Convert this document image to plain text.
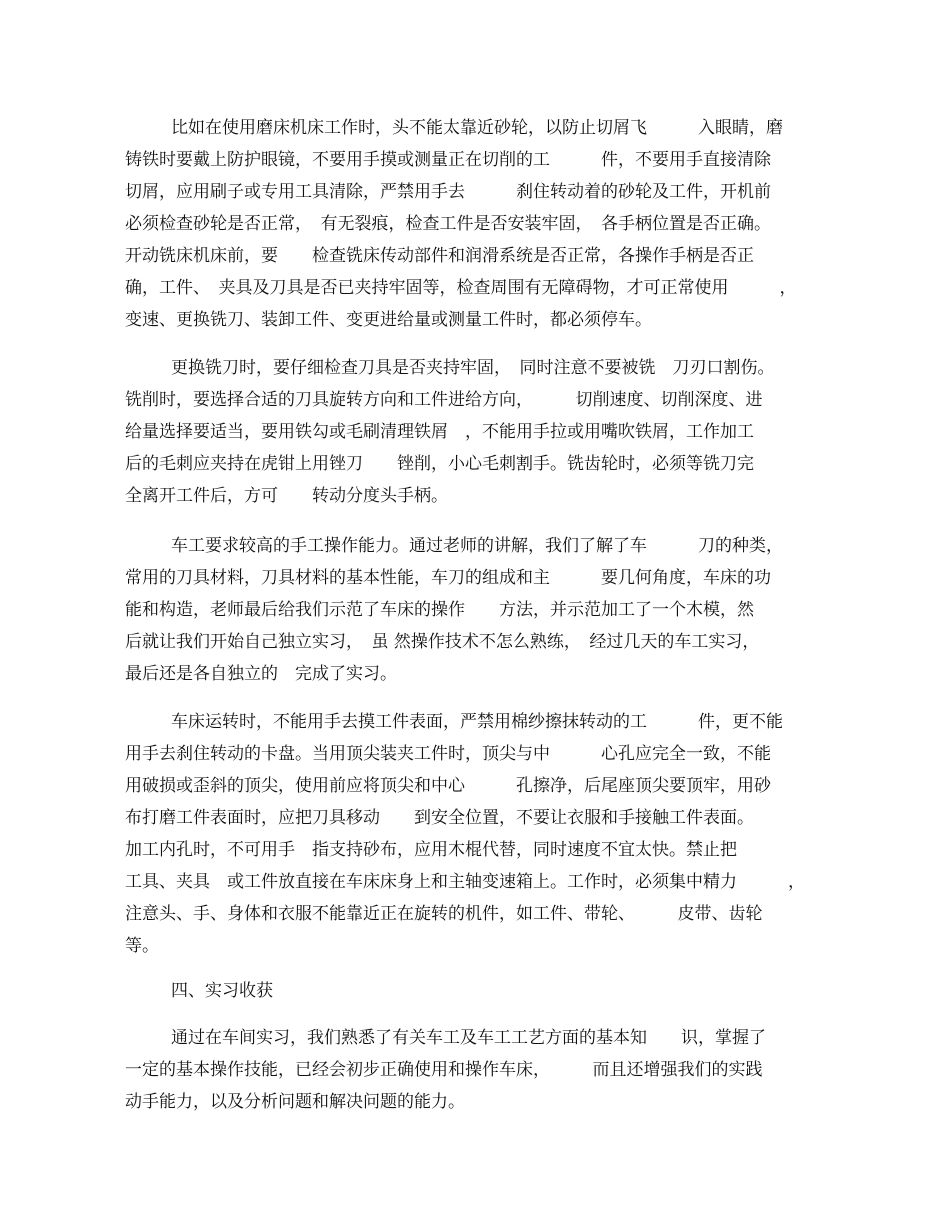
比如在使用磨床机床工作时，头不能太靠近砂轮，以防止切屑飞　　　入眼睛，磨
铸铁时要戴上防护眼镜，不要用手摸或测量正在切削的工　　　件，不要用手直接清除
切屑，应用刷子或专用工具清除，严禁用手去　　　刹住转动着的砂轮及工件，开机前
必须检查砂轮是否正常，　有无裂痕，检查工件是否安装牢固，　各手柄位置是否正确。
开动铣床机床前，要　　检查铣床传动部件和润滑系统是否正常，各操作手柄是否正
确，工件、　夹具及刀具是否已夹持牢固等，检查周围有无障碍物，才可正常使用　　　，
变速、更换铣刀、装卸工件、变更进给量或测量工件时，都必须停车。
更换铣刀时，要仔细检查刀具是否夹持牢固，　同时注意不要被铣　刀刃口割伤。
铣削时，要选择合适的刀具旋转方向和工件进给方向，　　　切削速度、切削深度、进
给量选择要适当，要用铁勾或毛刷清理铁屑　，不能用手拉或用嘴吹铁屑，工作加工
后的毛刺应夹持在虎钳上用锉刀　　锉削，小心毛刺割手。铣齿轮时，必须等铣刀完
全离开工件后，方可　　转动分度头手柄。
车工要求较高的手工操作能力。通过老师的讲解，我们了解了车　　　刀的种类，
常用的刀具材料，刀具材料的基本性能，车刀的组成和主　　　要几何角度，车床的功
能和构造，老师最后给我们示范了车床的操作　　方法，并示范加工了一个木模，然
后就让我们开始自己独立实习，　虽 然操作技术不怎么熟练，　经过几天的车工实习，
最后还是各自独立的　完成了实习。
车床运转时，不能用手去摸工件表面，严禁用棉纱擦抹转动的工　　　件，更不能
用手去刹住转动的卡盘。当用顶尖装夹工件时，顶尖与中　　　心孔应完全一致，不能
用破损或歪斜的顶尖，使用前应将顶尖和中心　　　孔擦净，后尾座顶尖要顶牢，用砂
布打磨工件表面时，应把刀具移动　　到安全位置，不要让衣服和手接触工件表面。
加工内孔时，不可用手　指支持砂布，应用木棍代替，同时速度不宜太快。禁止把
工具、夹具　或工件放直接在车床床身上和主轴变速箱上。工作时，必须集中精力　　　，
注意头、手、身体和衣服不能靠近正在旋转的机件，如工件、带轮、　　　皮带、齿轮
等。
四、实习收获
通过在车间实习，我们熟悉了有关车工及车工工艺方面的基本知　　识，掌握了
一定的基本操作技能，已经会初步正确使用和操作车床，　　　而且还增强我们的实践
动手能力，以及分析问题和解决问题的能力。
